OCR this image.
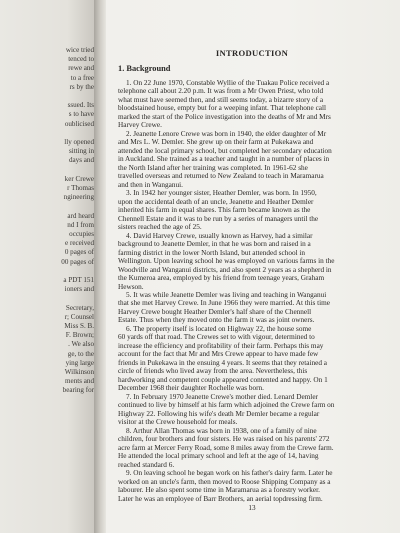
wice tried
tenced to
rewe and
to a free
rs by the
ssued. Its
s to have
oublicised
lly opened
sitting in
days and
ker Crewe
r Thomas
ngineering
ard heard
nd I from
occupies
e received
0 pages of
00 pages of
a PDT 151
ioners and
Secretary,
r; Counsel
Miss S. B.
F. Brown;
. We also
ge, to the
ying large
Wilkinson
ments and
bearing for
INTRODUCTION
1. Background
1. On 22 June 1970, Constable Wyllie of the Tuakau Police received a
telephone call about 2.20 p.m. It was from a Mr Owen Priest, who told
what must have seemed then, and still seems today, a bizarre story of a
bloodstained house, empty but for a weeping infant. That telephone call
marked the start of the Police investigation into the deaths of Mr and Mrs
Harvey Crewe.
2. Jeanette Lenore Crewe was born in 1940, the elder daughter of Mr
and Mrs L. W. Demler. She grew up on their farm at Pukekawa and
attended the local primary school, but completed her secondary education
in Auckland. She trained as a teacher and taught in a number of places in
the North Island after her training was completed. In 1961-62 she
travelled overseas and returned to New Zealand to teach in Maramarua
and then in Wanganui.
3. In 1942 her younger sister, Heather Demler, was born. In 1950,
upon the accidental death of an uncle, Jeanette and Heather Demler
inherited his farm in equal shares. This farm became known as the
Chennell Estate and it was to be run by a series of managers until the
sisters reached the age of 25.
4. David Harvey Crewe, usually known as Harvey, had a similar
background to Jeanette Demler, in that he was born and raised in a
farming district in the lower North Island, but attended school in
Wellington. Upon leaving school he was employed on various farms in the
Woodville and Wanganui districts, and also spent 2 years as a shepherd in
the Kumeroa area, employed by his friend from teenage years, Graham
Hewson.
5. It was while Jeanette Demler was living and teaching in Wanganui
that she met Harvey Crewe. In June 1966 they were married. At this time
Harvey Crewe bought Heather Demler's half share of the Chennell
Estate. Thus when they moved onto the farm it was as joint owners.
6. The property itself is located on Highway 22, the house some
60 yards off that road. The Crewes set to with vigour, determined to
increase the efficiency and profitability of their farm. Perhaps this may
account for the fact that Mr and Mrs Crewe appear to have made few
friends in Pukekawa in the ensuing 4 years. It seems that they retained a
circle of friends who lived away from the area. Nevertheless, this
hardworking and competent couple appeared contented and happy. On 1
December 1968 their daughter Rochelle was born.
7. In February 1970 Jeanette Crewe's mother died. Lenard Demler
continued to live by himself at his farm which adjoined the Crewe farm on
Highway 22. Following his wife's death Mr Demler became a regular
visitor at the Crewe household for meals.
8. Arthur Allan Thomas was born in 1938, one of a family of nine
children, four brothers and four sisters. He was raised on his parents' 272
acre farm at Mercer Ferry Road, some 8 miles away from the Crewe farm.
He attended the local primary school and left at the age of 14, having
reached standard 6.
9. On leaving school he began work on his father's dairy farm. Later he
worked on an uncle's farm, then moved to Roose Shipping Company as a
labourer. He also spent some time in Maramarua as a forestry worker.
Later he was an employee of Barr Brothers, an aerial topdressing firm.
13
